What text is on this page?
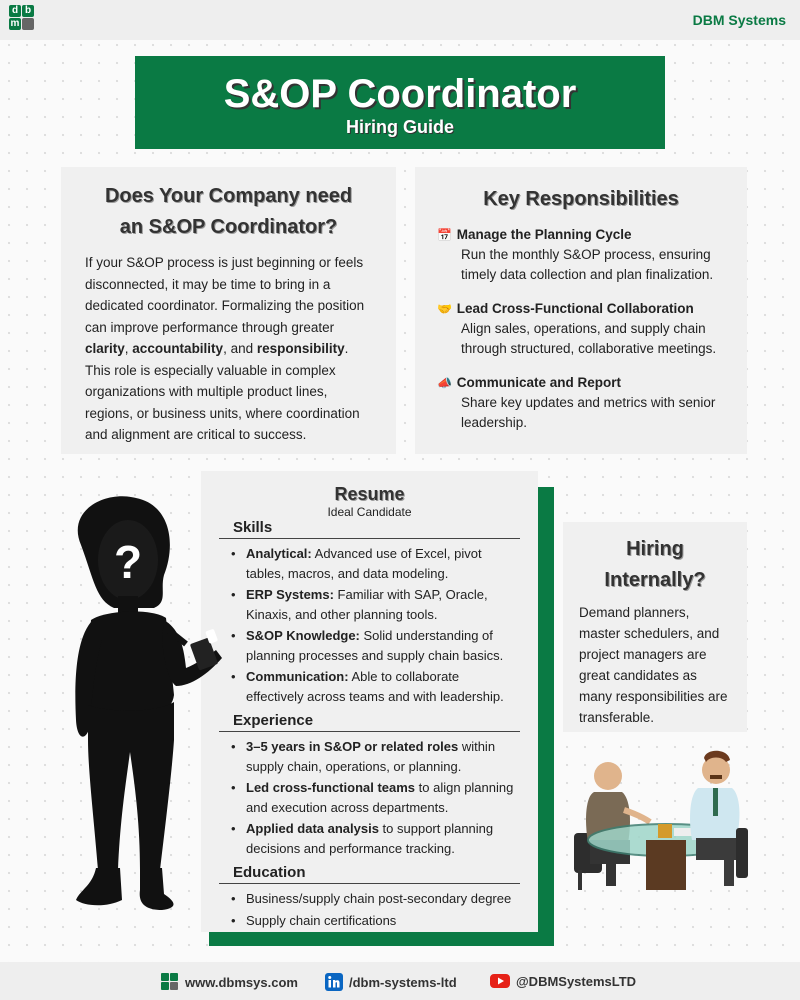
d b
m	DBM Systems
S&OP Coordinator
Hiring Guide
Does Your Company need
an S&OP Coordinator?

If your S&OP process is just beginning or feels disconnected, it may be time to bring in a dedicated coordinator. Formalizing the position can improve performance through greater clarity, accountability, and responsibility. This role is especially valuable in complex organizations with multiple product lines, regions, or business units, where coordination and alignment are critical to success.

Key Responsibilities
📅 Manage the Planning Cycle
Run the monthly S&OP process, ensuring timely data collection and plan finalization.
🤝 Lead Cross-Functional Collaboration
Align sales, operations, and supply chain through structured, collaborative meetings.
📣 Communicate and Report
Share key updates and metrics with senior leadership.
Resume
Ideal Candidate
Skills
• Analytical: Advanced use of Excel, pivot tables, macros, and data modeling.
• ERP Systems: Familiar with SAP, Oracle, Kinaxis, and other planning tools.
• S&OP Knowledge: Solid understanding of planning processes and supply chain basics.
• Communication: Able to collaborate effectively across teams and with leadership.
Experience
• 3–5 years in S&OP or related roles within supply chain, operations, or planning.
• Led cross-functional teams to align planning and execution across departments.
• Applied data analysis to support planning decisions and performance tracking.
Education
• Business/supply chain post-secondary degree
• Supply chain certifications
?	Hiring
Internally?

Demand planners, master schedulers, and project managers are great candidates as many responsibilities are transferable.

www.dbmsys.com	/dbm-systems-ltd	@DBMSystemsLTD
